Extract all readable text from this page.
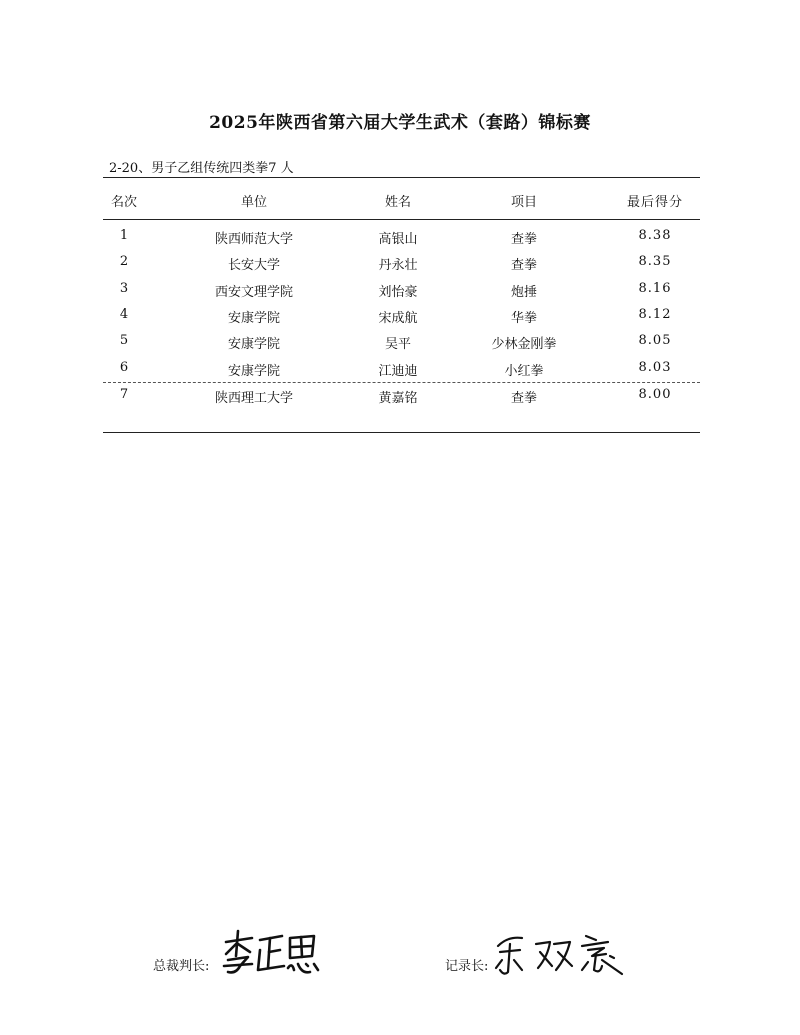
2025年陕西省第六届大学生武术（套路）锦标赛
2-20、男子乙组传统四类拳7 人
名次	单位	姓名	项目	最后得分
1	陕西师范大学	高银山	查拳	8.38
2	长安大学	丹永壮	查拳	8.35
3	西安文理学院	刘怡豪	炮捶	8.16
4	安康学院	宋成航	华拳	8.12
5	安康学院	吴平	少林金刚拳	8.05
6	安康学院	江迪迪	小红拳	8.03
7	陕西理工大学	黄嘉铭	查拳	8.00
总裁判长:	记录长:
